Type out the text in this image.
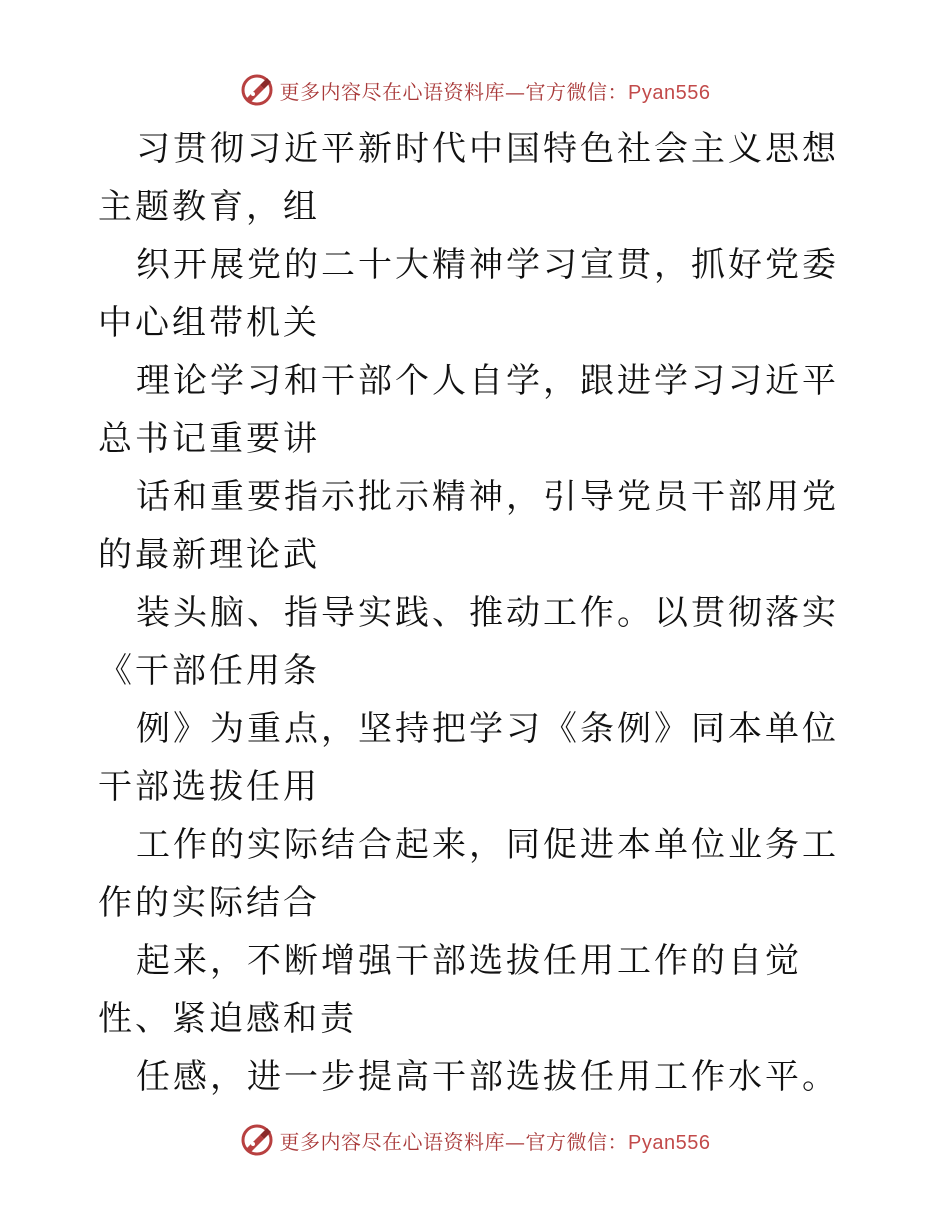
更多内容尽在心语资料库—官方微信：Pyan556

习贯彻习近平新时代中国特色社会主义思想主题教育，组

织开展党的二十大精神学习宣贯，抓好党委中心组带机关

理论学习和干部个人自学，跟进学习习近平总书记重要讲

话和重要指示批示精神，引导党员干部用党的最新理论武

装头脑、指导实践、推动工作。以贯彻落实《干部任用条

例》为重点，坚持把学习《条例》同本单位干部选拔任用

工作的实际结合起来，同促进本单位业务工作的实际结合

起来，不断增强干部选拔任用工作的自觉性、紧迫感和责

任感，进一步提高干部选拔任用工作水平。

更多内容尽在心语资料库—官方微信：Pyan556
